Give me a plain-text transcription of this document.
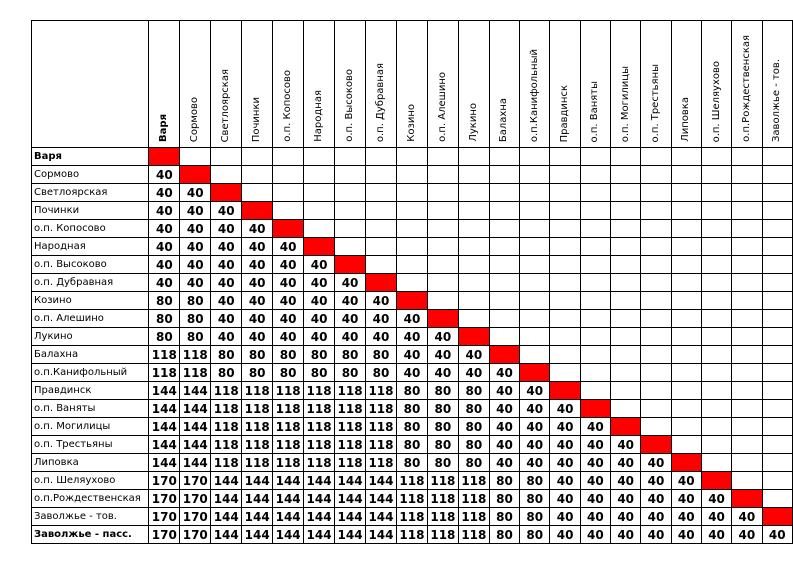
	Варя	Сормово	Светлоярская	Починки	о.п. Копосово	Народная	о.п. Высоково	о.п. Дубравная	Козино	о.п. Алешино	Лукино	Балахна	о.п.Канифольный	Правдинск	о.п. Ваняты	о.п. Могилицы	о.п. Трестьяны	Липовка	о.п. Шеляухово	о.п.Рождественская	Заволжье - тов.
Варя																					
Сормово	40																				
Светлоярская	40	40																			
Починки	40	40	40																		
о.п. Копосово	40	40	40	40																	
Народная	40	40	40	40	40																
о.п. Высоково	40	40	40	40	40	40															
о.п. Дубравная	40	40	40	40	40	40	40														
Козино	80	80	40	40	40	40	40	40													
о.п. Алешино	80	80	40	40	40	40	40	40	40												
Лукино	80	80	40	40	40	40	40	40	40	40											
Балахна	118	118	80	80	80	80	80	80	40	40	40										
о.п.Канифольный	118	118	80	80	80	80	80	80	40	40	40	40									
Правдинск	144	144	118	118	118	118	118	118	80	80	80	40	40								
о.п. Ваняты	144	144	118	118	118	118	118	118	80	80	80	40	40	40							
о.п. Могилицы	144	144	118	118	118	118	118	118	80	80	80	40	40	40	40						
о.п. Трестьяны	144	144	118	118	118	118	118	118	80	80	80	40	40	40	40	40					
Липовка	144	144	118	118	118	118	118	118	80	80	80	40	40	40	40	40	40				
о.п. Шеляухово	170	170	144	144	144	144	144	144	118	118	118	80	80	40	40	40	40	40			
о.п.Рождественская	170	170	144	144	144	144	144	144	118	118	118	80	80	40	40	40	40	40	40		
Заволжье - тов.	170	170	144	144	144	144	144	144	118	118	118	80	80	40	40	40	40	40	40	40	
Заволжье - пасс.	170	170	144	144	144	144	144	144	118	118	118	80	80	40	40	40	40	40	40	40	40
